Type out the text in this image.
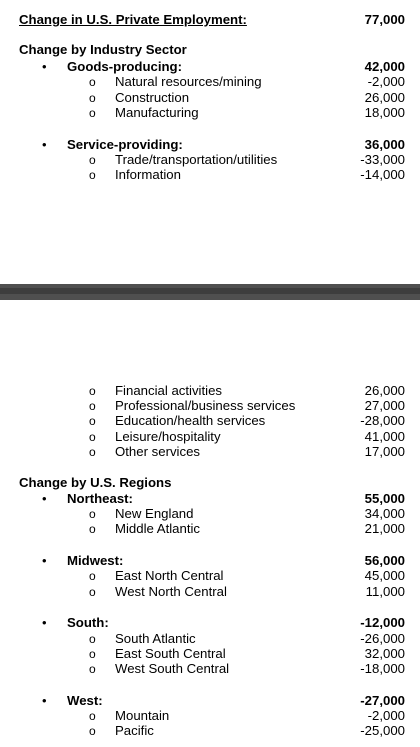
Change in U.S. Private Employment:	77,000
Change by Industry Sector
• Goods-producing:	42,000
o Natural resources/mining	-2,000
o Construction	26,000
o Manufacturing	18,000
• Service-providing:	36,000
o Trade/transportation/utilities	-33,000
o Information	-14,000
o Financial activities	26,000
o Professional/business services	27,000
o Education/health services	-28,000
o Leisure/hospitality	41,000
o Other services	17,000
Change by U.S. Regions
• Northeast:	55,000
o New England	34,000
o Middle Atlantic	21,000
• Midwest:	56,000
o East North Central	45,000
o West North Central	11,000
• South:	-12,000
o South Atlantic	-26,000
o East South Central	32,000
o West South Central	-18,000
• West:	-27,000
o Mountain	-2,000
o Pacific	-25,000
